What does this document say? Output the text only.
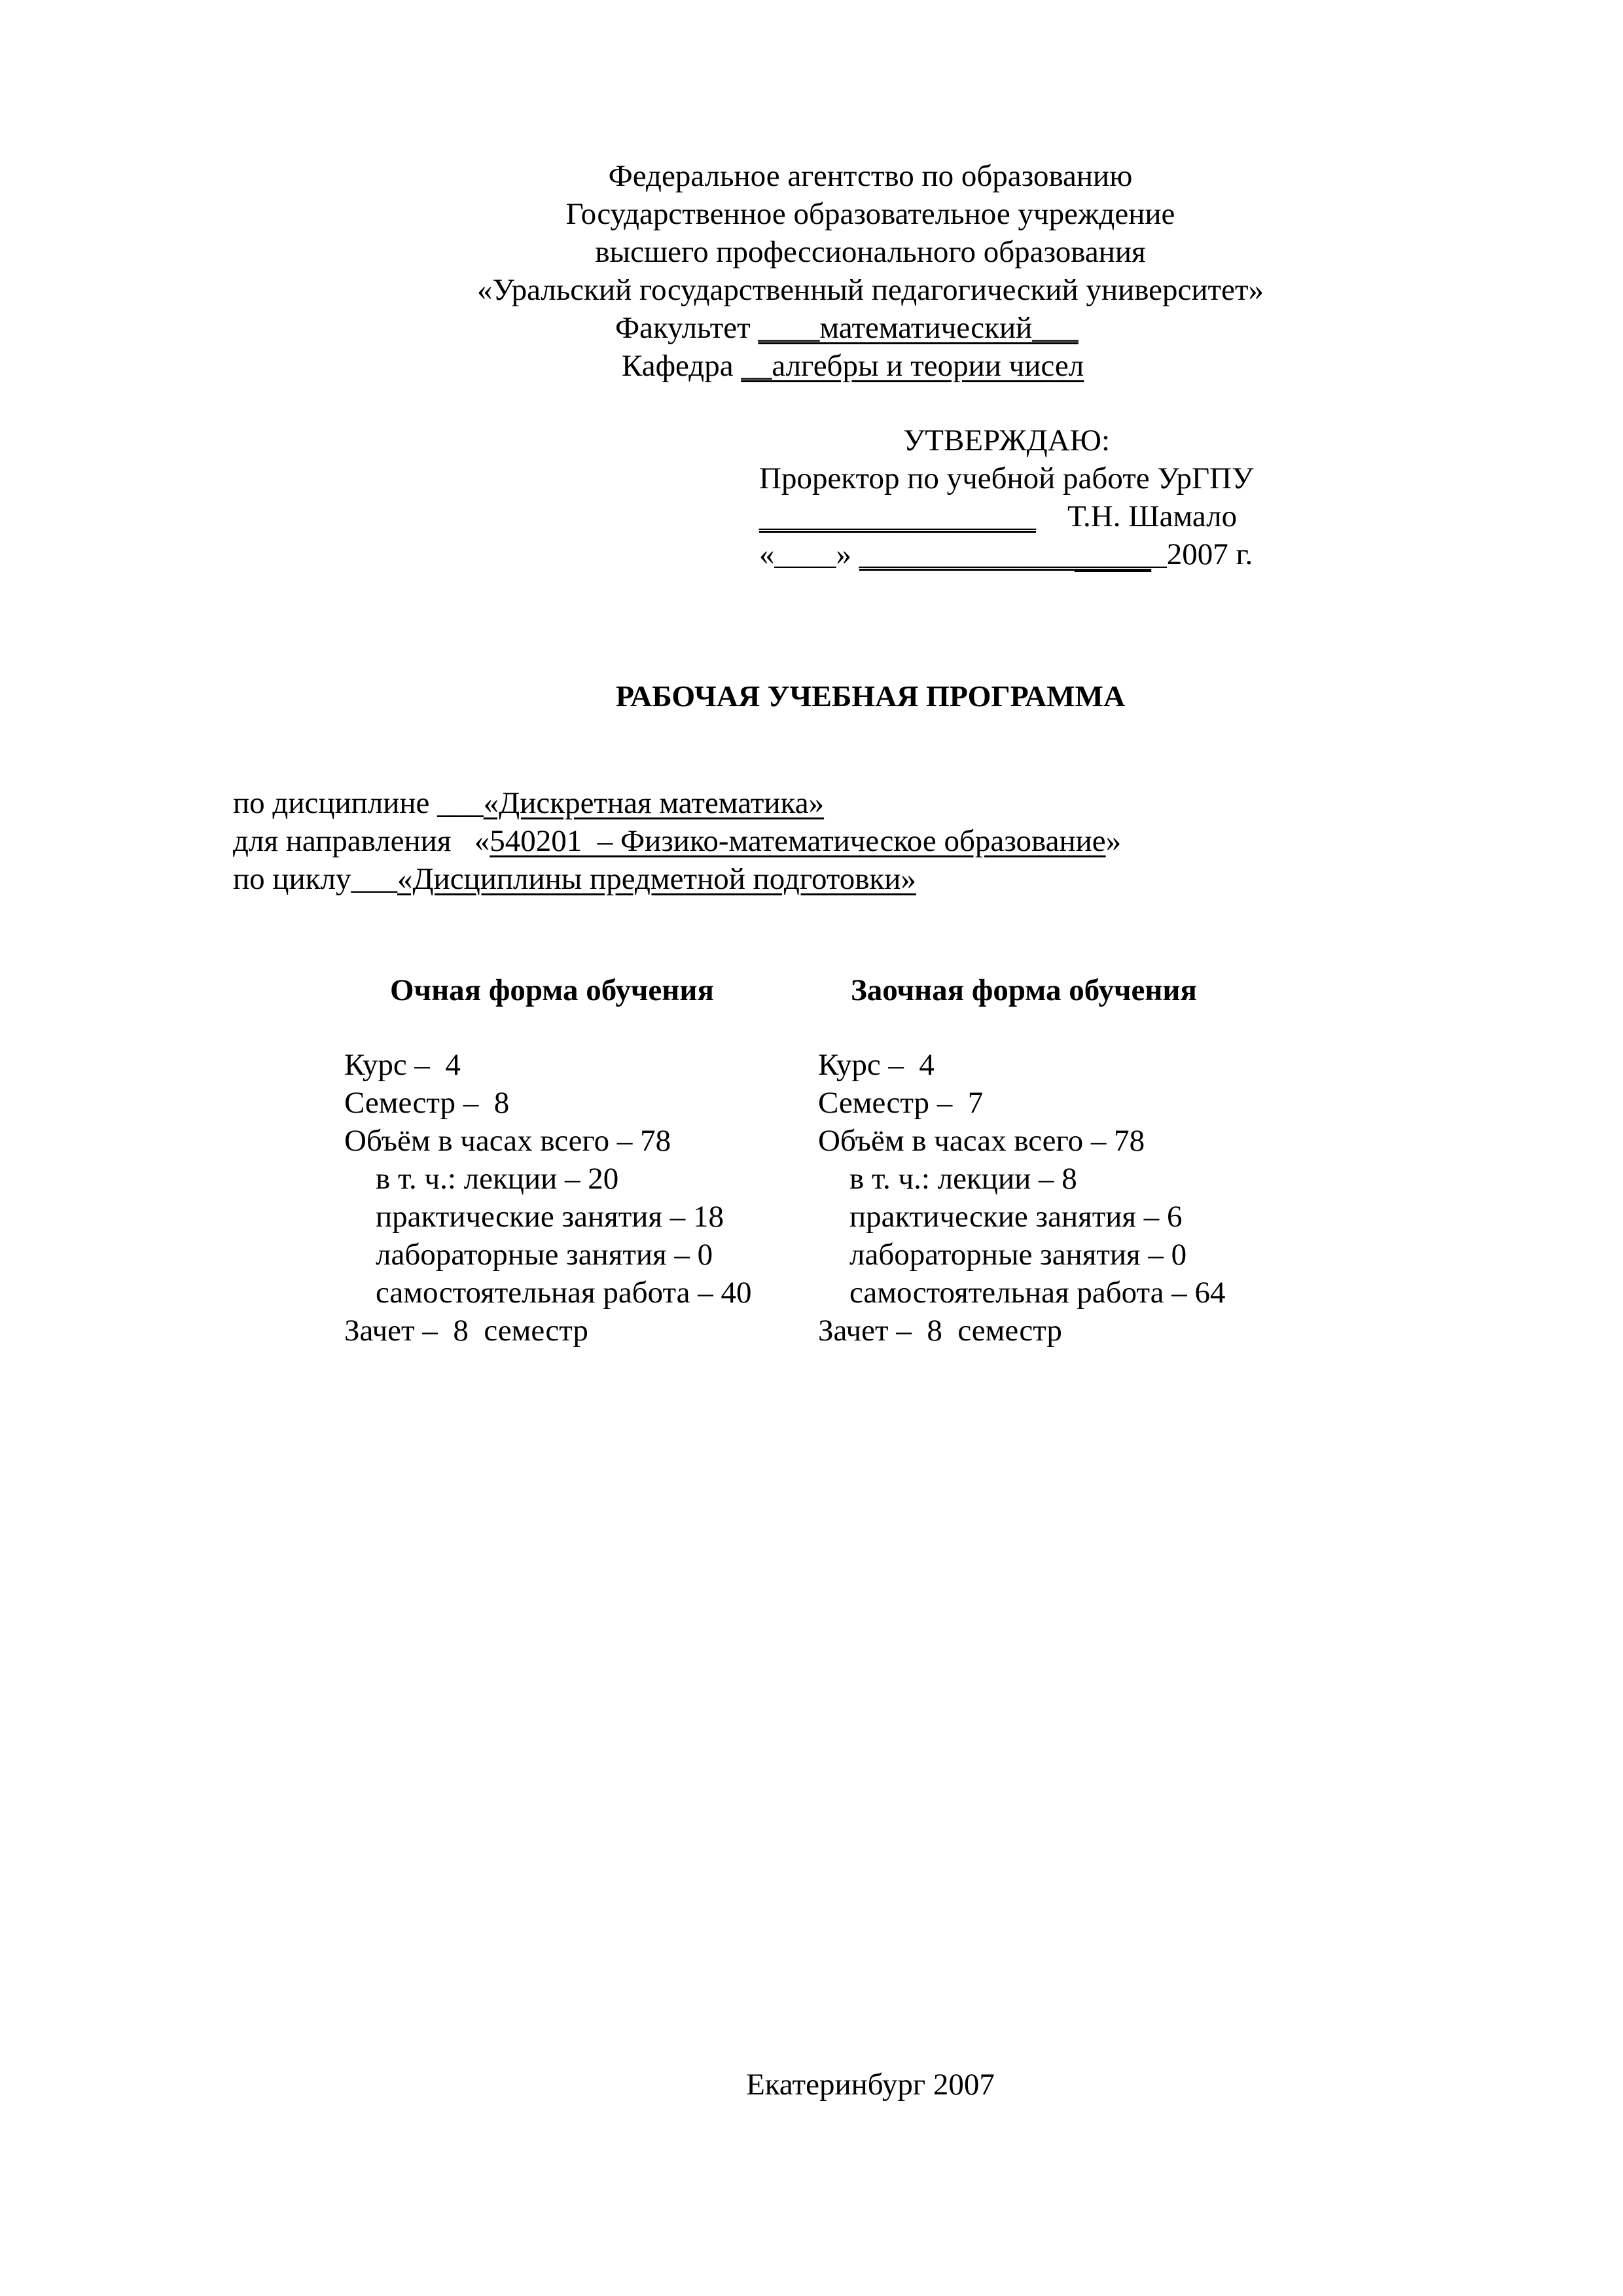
Федеральное агентство по образованию
Государственное образовательное учреждение
высшего профессионального образования
«Уральский государственный педагогический университет»
Факультет ____математический___
Кафедра __алгебры и теории чисел
УТВЕРЖДАЮ:
Проректор по учебной работе УрГПУ
__________________ Т.Н. Шамало
«____» ____________________2007 г.
РАБОЧАЯ УЧЕБНАЯ ПРОГРАММА
по дисциплине ___«Дискретная математика»
для направления   «540201  – Физико-математическое образование»
по циклу___«Дисциплины предметной подготовки»
Очная форма обучения
Курс –  4
Семестр –  8
Объём в часах всего – 78
в т. ч.: лекции – 20
практические занятия – 18
лабораторные занятия – 0
самостоятельная работа – 40
Зачет –  8  семестр
Заочная форма обучения
Курс –  4
Семестр –  7
Объём в часах всего – 78
в т. ч.: лекции – 8
практические занятия – 6
лабораторные занятия – 0
самостоятельная работа – 64
Зачет –  8  семестр
Екатеринбург 2007
